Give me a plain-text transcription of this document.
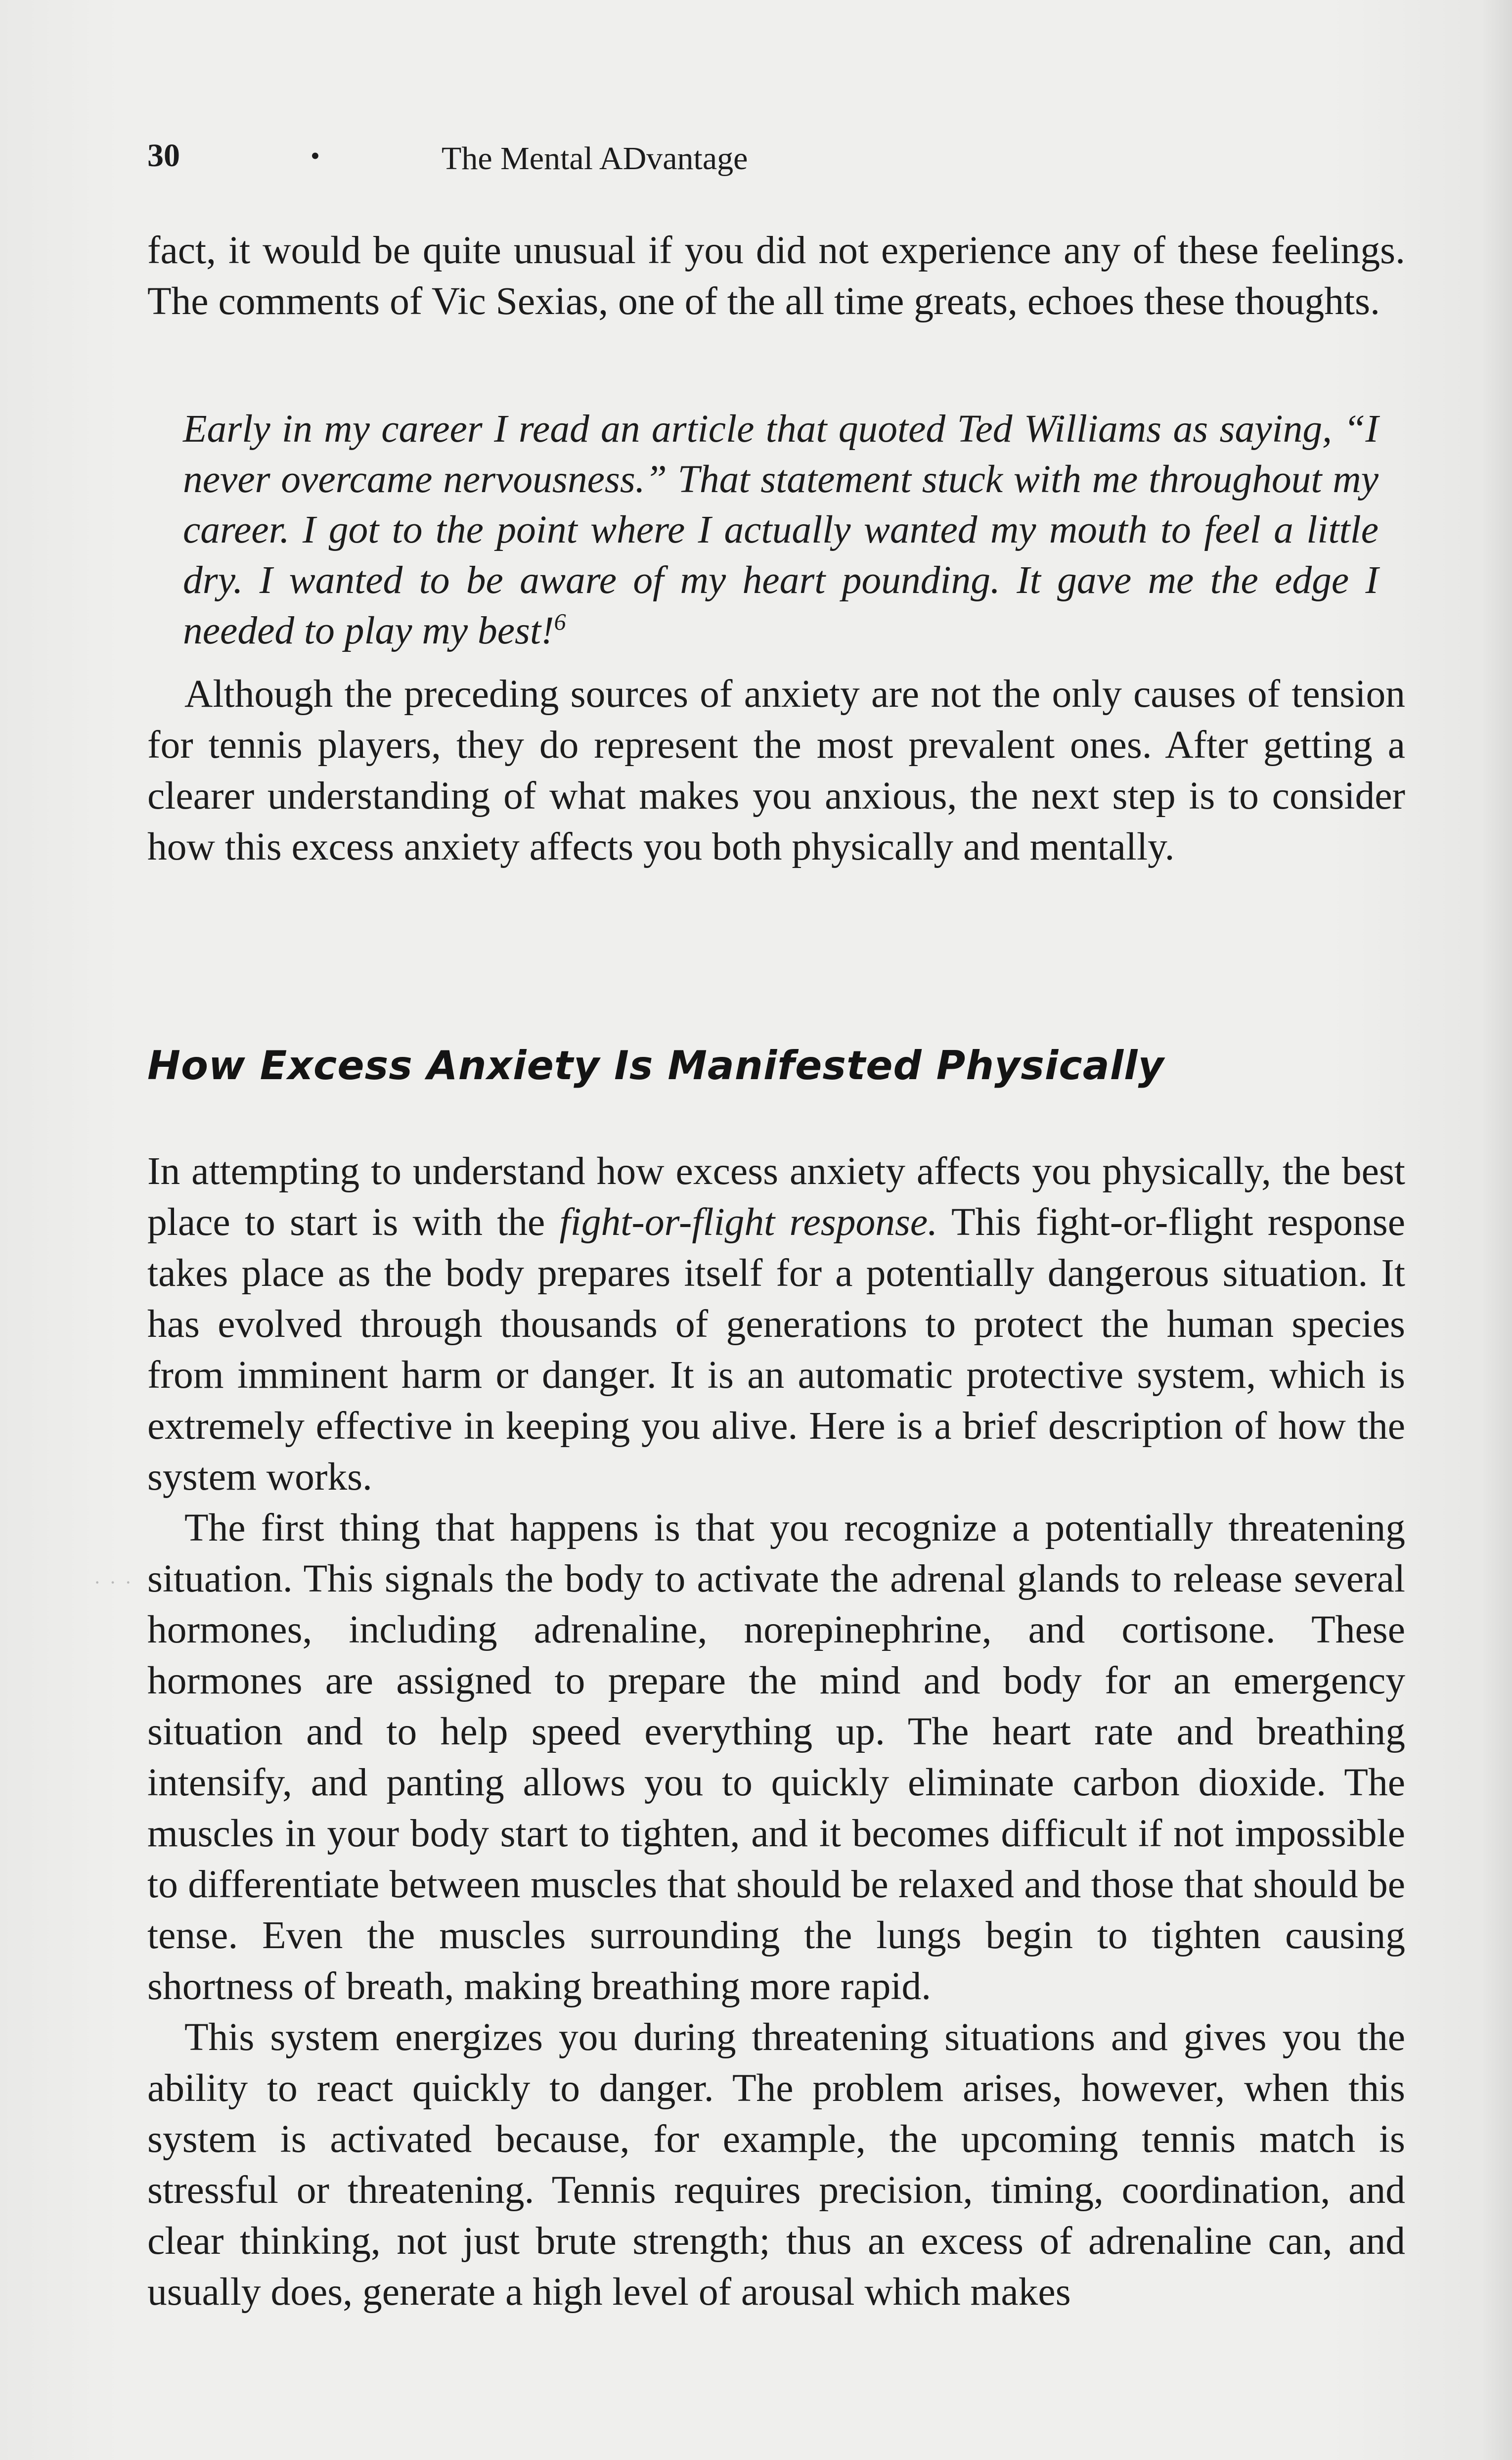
30	•	The Mental ADvantage

fact, it would be quite unusual if you did not experience any of these feelings. The comments of Vic Sexias, one of the all time greats, echoes these thoughts.

Early in my career I read an article that quoted Ted Williams as saying, “I never overcame nervousness.” That statement stuck with me throughout my career. I got to the point where I actually wanted my mouth to feel a little dry. I wanted to be aware of my heart pounding. It gave me the edge I needed to play my best!$^6$

Although the preceding sources of anxiety are not the only causes of tension for tennis players, they do represent the most prevalent ones. After getting a clearer understanding of what makes you anxious, the next step is to consider how this excess anxiety affects you both physically and mentally.

How Excess Anxiety Is Manifested Physically

In attempting to understand how excess anxiety affects you physically, the best place to start is with the fight-or-flight response. This fight-or-flight response takes place as the body prepares itself for a potentially dangerous situation. It has evolved through thousands of generations to protect the human species from imminent harm or danger. It is an automatic protective system, which is extremely effective in keeping you alive. Here is a brief description of how the system works.

The first thing that happens is that you recognize a potentially threatening situation. This signals the body to activate the adrenal glands to release several hormones, including adrenaline, norepinephrine, and cortisone. These hormones are assigned to prepare the mind and body for an emergency situation and to help speed everything up. The heart rate and breathing intensify, and panting allows you to quickly eliminate carbon dioxide. The muscles in your body start to tighten, and it becomes difficult if not impossible to differentiate between muscles that should be relaxed and those that should be tense. Even the muscles surrounding the lungs begin to tighten causing shortness of breath, making breathing more rapid.

This system energizes you during threatening situations and gives you the ability to react quickly to danger. The problem arises, however, when this system is activated because, for example, the upcoming tennis match is stressful or threatening. Tennis requires precision, timing, coordination, and clear thinking, not just brute strength; thus an excess of adrenaline can, and usually does, generate a high level of arousal which makes

· · ·
